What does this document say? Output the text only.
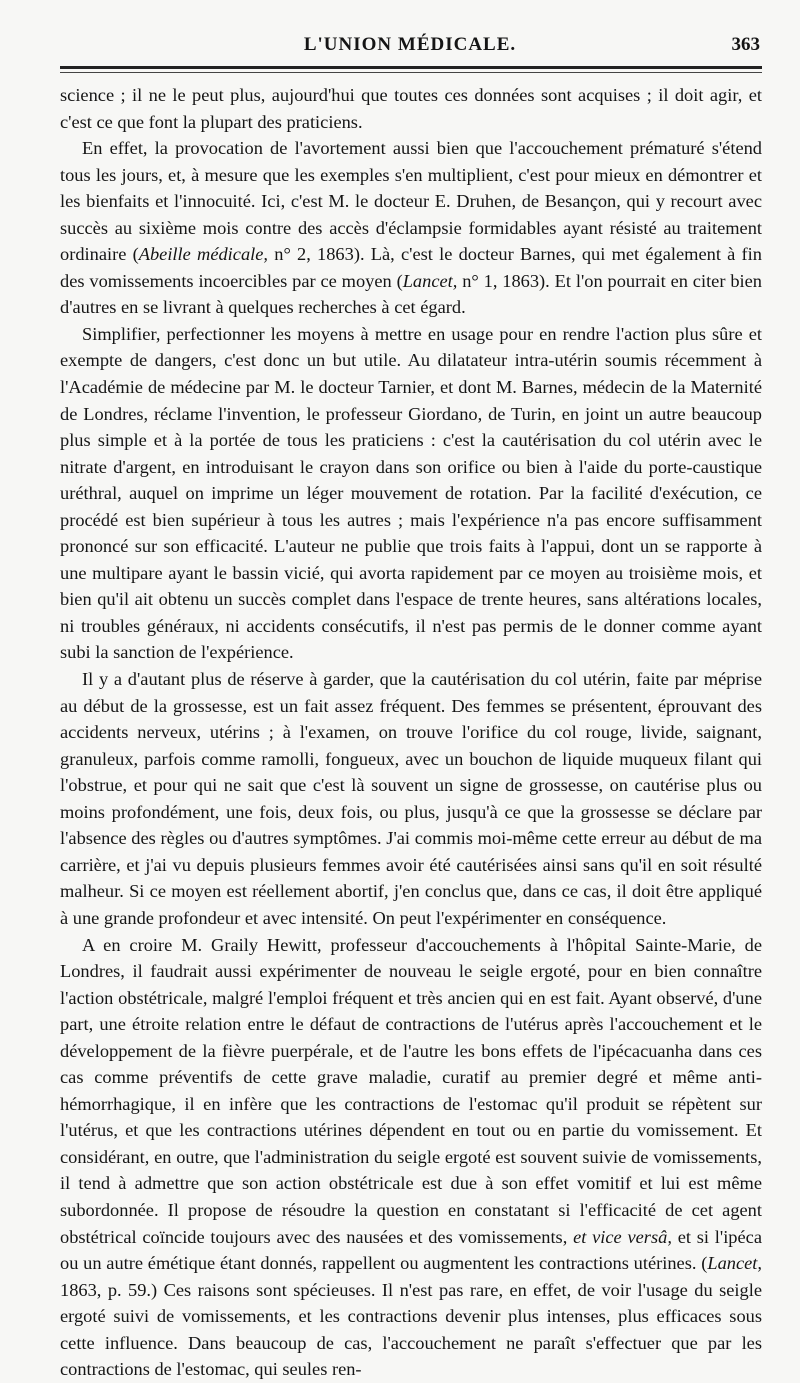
L'UNION MÉDICALE.	363

science ; il ne le peut plus, aujourd'hui que toutes ces données sont acquises ; il doit agir, et c'est ce que font la plupart des praticiens.

En effet, la provocation de l'avortement aussi bien que l'accouchement prématuré s'étend tous les jours, et, à mesure que les exemples s'en multiplient, c'est pour mieux en démontrer et les bienfaits et l'innocuité. Ici, c'est M. le docteur E. Druhen, de Besançon, qui y recourt avec succès au sixième mois contre des accès d'éclampsie formidables ayant résisté au traitement ordinaire (Abeille médicale, n° 2, 1863). Là, c'est le docteur Barnes, qui met également à fin des vomissements incoercibles par ce moyen (Lancet, n° 1, 1863). Et l'on pourrait en citer bien d'autres en se livrant à quelques recherches à cet égard.

Simplifier, perfectionner les moyens à mettre en usage pour en rendre l'action plus sûre et exempte de dangers, c'est donc un but utile. Au dilatateur intra-utérin soumis récemment à l'Académie de médecine par M. le docteur Tarnier, et dont M. Barnes, médecin de la Maternité de Londres, réclame l'invention, le professeur Giordano, de Turin, en joint un autre beaucoup plus simple et à la portée de tous les praticiens : c'est la cautérisation du col utérin avec le nitrate d'argent, en introduisant le crayon dans son orifice ou bien à l'aide du porte-caustique uréthral, auquel on imprime un léger mouvement de rotation. Par la facilité d'exécution, ce procédé est bien supérieur à tous les autres ; mais l'expérience n'a pas encore suffisamment prononcé sur son efficacité. L'auteur ne publie que trois faits à l'appui, dont un se rapporte à une multipare ayant le bassin vicié, qui avorta rapidement par ce moyen au troisième mois, et bien qu'il ait obtenu un succès complet dans l'espace de trente heures, sans altérations locales, ni troubles généraux, ni accidents consécutifs, il n'est pas permis de le donner comme ayant subi la sanction de l'expérience.

Il y a d'autant plus de réserve à garder, que la cautérisation du col utérin, faite par méprise au début de la grossesse, est un fait assez fréquent. Des femmes se présentent, éprouvant des accidents nerveux, utérins ; à l'examen, on trouve l'orifice du col rouge, livide, saignant, granuleux, parfois comme ramolli, fongueux, avec un bouchon de liquide muqueux filant qui l'obstrue, et pour qui ne sait que c'est là souvent un signe de grossesse, on cautérise plus ou moins profondément, une fois, deux fois, ou plus, jusqu'à ce que la grossesse se déclare par l'absence des règles ou d'autres symptômes. J'ai commis moi-même cette erreur au début de ma carrière, et j'ai vu depuis plusieurs femmes avoir été cautérisées ainsi sans qu'il en soit résulté malheur. Si ce moyen est réellement abortif, j'en conclus que, dans ce cas, il doit être appliqué à une grande profondeur et avec intensité. On peut l'expérimenter en conséquence.

A en croire M. Graily Hewitt, professeur d'accouchements à l'hôpital Sainte-Marie, de Londres, il faudrait aussi expérimenter de nouveau le seigle ergoté, pour en bien connaître l'action obstétricale, malgré l'emploi fréquent et très ancien qui en est fait. Ayant observé, d'une part, une étroite relation entre le défaut de contractions de l'utérus après l'accouchement et le développement de la fièvre puerpérale, et de l'autre les bons effets de l'ipécacuanha dans ces cas comme préventifs de cette grave maladie, curatif au premier degré et même anti-hémorrhagique, il en infère que les contractions de l'estomac qu'il produit se répètent sur l'utérus, et que les contractions utérines dépendent en tout ou en partie du vomissement. Et considérant, en outre, que l'administration du seigle ergoté est souvent suivie de vomissements, il tend à admettre que son action obstétricale est due à son effet vomitif et lui est même subordonnée. Il propose de résoudre la question en constatant si l'efficacité de cet agent obstétrical coïncide toujours avec des nausées et des vomissements, et vice versâ, et si l'ipéca ou un autre émétique étant donnés, rappellent ou augmentent les contractions utérines. (Lancet, 1863, p. 59.) Ces raisons sont spécieuses. Il n'est pas rare, en effet, de voir l'usage du seigle ergoté suivi de vomissements, et les contractions devenir plus intenses, plus efficaces sous cette influence. Dans beaucoup de cas, l'accouchement ne paraît s'effectuer que par les contractions de l'estomac, qui seules ren-
